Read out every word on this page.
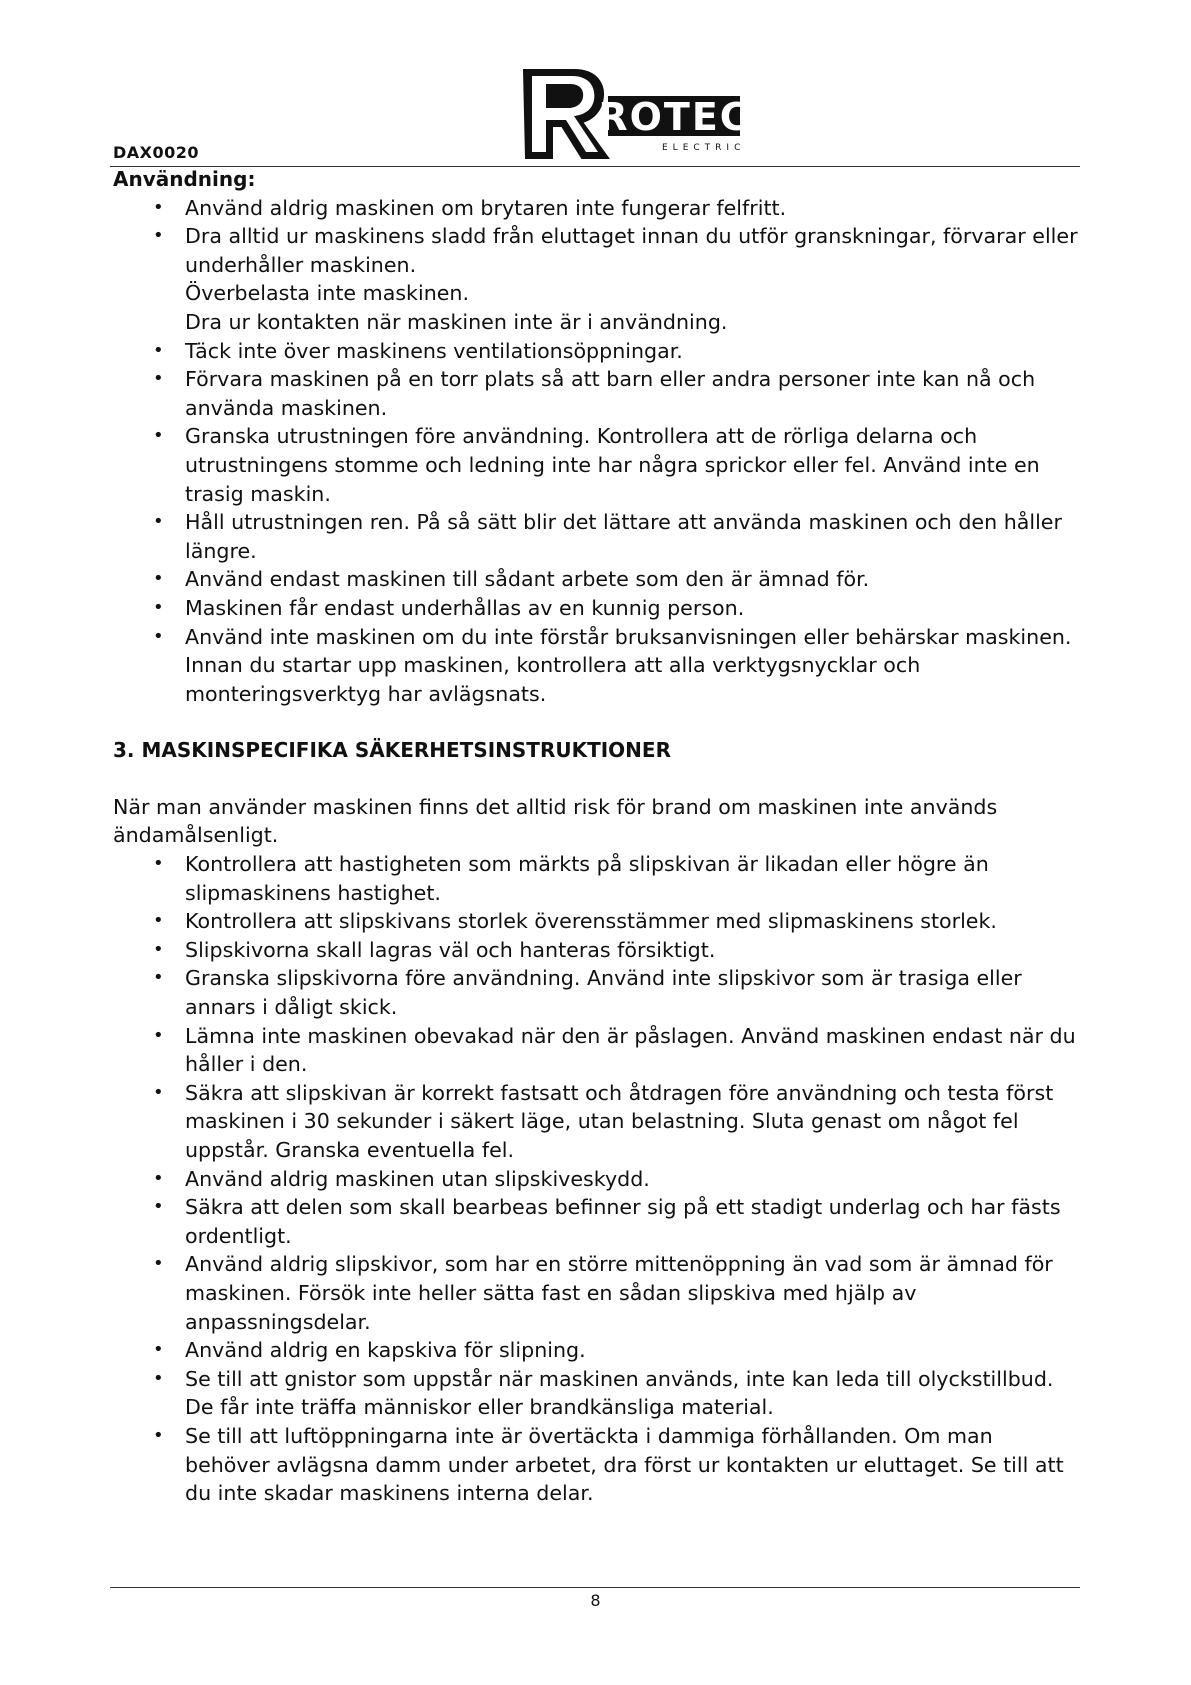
DAX0020
ROTEC
ELECTRIC
Användning:
• Använd aldrig maskinen om brytaren inte fungerar felfritt.
• Dra alltid ur maskinens sladd från eluttaget innan du utför granskningar, förvarar eller underhåller maskinen.

Överbelasta inte maskinen.

Dra ur kontakten när maskinen inte är i användning.

• Täck inte över maskinens ventilationsöppningar.
• Förvara maskinen på en torr plats så att barn eller andra personer inte kan nå och använda maskinen.
• Granska utrustningen före användning. Kontrollera att de rörliga delarna och utrustningens stomme och ledning inte har några sprickor eller fel. Använd inte en trasig maskin.
• Håll utrustningen ren. På så sätt blir det lättare att använda maskinen och den håller längre.
• Använd endast maskinen till sådant arbete som den är ämnad för.
• Maskinen får endast underhållas av en kunnig person.
• Använd inte maskinen om du inte förstår bruksanvisningen eller behärskar maskinen.

Innan du startar upp maskinen, kontrollera att alla verktygsnycklar och monteringsverktyg har avlägsnats.

3. MASKINSPECIFIKA SÄKERHETSINSTRUKTIONER

När man använder maskinen finns det alltid risk för brand om maskinen inte används ändamålsenligt.

• Kontrollera att hastigheten som märkts på slipskivan är likadan eller högre än slipmaskinens hastighet.
• Kontrollera att slipskivans storlek överensstämmer med slipmaskinens storlek.
• Slipskivorna skall lagras väl och hanteras försiktigt.
• Granska slipskivorna före användning. Använd inte slipskivor som är trasiga eller annars i dåligt skick.
• Lämna inte maskinen obevakad när den är påslagen. Använd maskinen endast när du håller i den.
• Säkra att slipskivan är korrekt fastsatt och åtdragen före användning och testa först maskinen i 30 sekunder i säkert läge, utan belastning. Sluta genast om något fel uppstår. Granska eventuella fel.
• Använd aldrig maskinen utan slipskiveskydd.
• Säkra att delen som skall bearbeas befinner sig på ett stadigt underlag och har fästs ordentligt.
• Använd aldrig slipskivor, som har en större mittenöppning än vad som är ämnad för maskinen. Försök inte heller sätta fast en sådan slipskiva med hjälp av anpassningsdelar.
• Använd aldrig en kapskiva för slipning.
• Se till att gnistor som uppstår när maskinen används, inte kan leda till olyckstillbud. De får inte träffa människor eller brandkänsliga material.
• Se till att luftöppningarna inte är övertäckta i dammiga förhållanden. Om man behöver avlägsna damm under arbetet, dra först ur kontakten ur eluttaget. Se till att du inte skadar maskinens interna delar.
8
